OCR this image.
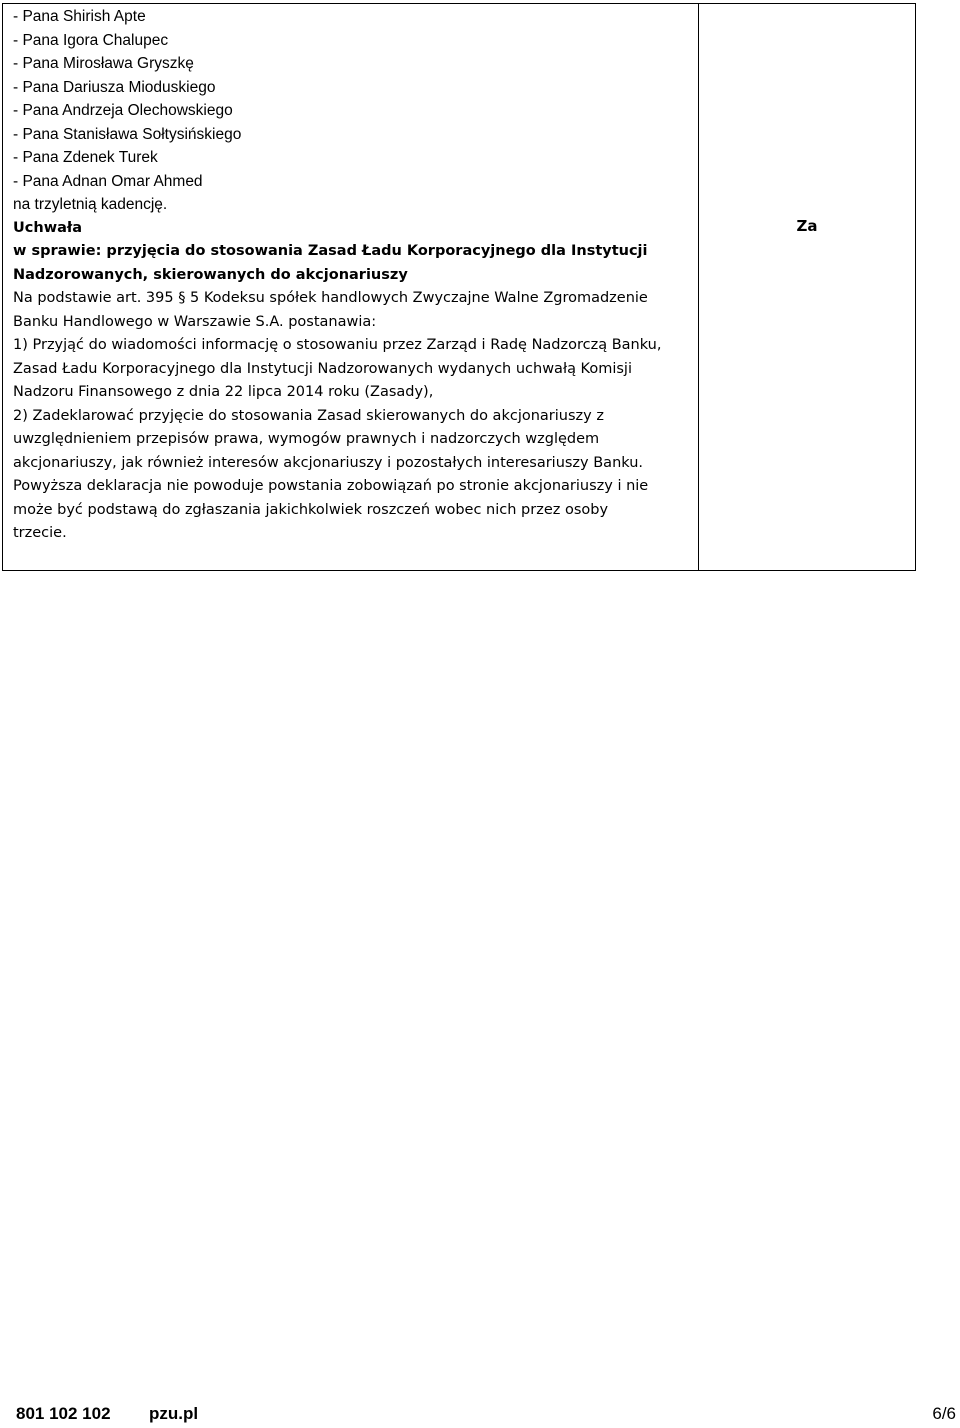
- Pana Shirish Apte
- Pana Igora Chalupec
- Pana Mirosława Gryszkę
- Pana Dariusza Mioduskiego
- Pana Andrzeja Olechowskiego
- Pana Stanisława Sołtysińskiego
- Pana Zdenek Turek
- Pana Adnan Omar Ahmed
na trzyletnią kadencję.
Uchwała
w sprawie: przyjęcia do stosowania Zasad Ładu Korporacyjnego dla Instytucji
Nadzorowanych, skierowanych do akcjonariuszy
Na podstawie art. 395 § 5 Kodeksu spółek handlowych Zwyczajne Walne Zgromadzenie
Banku Handlowego w Warszawie S.A. postanawia:
1) Przyjąć do wiadomości informację o stosowaniu przez Zarząd i Radę Nadzorczą Banku,
Zasad Ładu Korporacyjnego dla Instytucji Nadzorowanych wydanych uchwałą Komisji
Nadzoru Finansowego z dnia 22 lipca 2014 roku (Zasady),
2) Zadeklarować przyjęcie do stosowania Zasad skierowanych do akcjonariuszy z
uwzględnieniem przepisów prawa, wymogów prawnych i nadzorczych względem
akcjonariuszy, jak również interesów akcjonariuszy i pozostałych interesariuszy Banku.
Powyższa deklaracja nie powoduje powstania zobowiązań po stronie akcjonariuszy i nie
może być podstawą do zgłaszania jakichkolwiek roszczeń wobec nich przez osoby
trzecie.
Za
801 102 102 pzu.pl	6/6
